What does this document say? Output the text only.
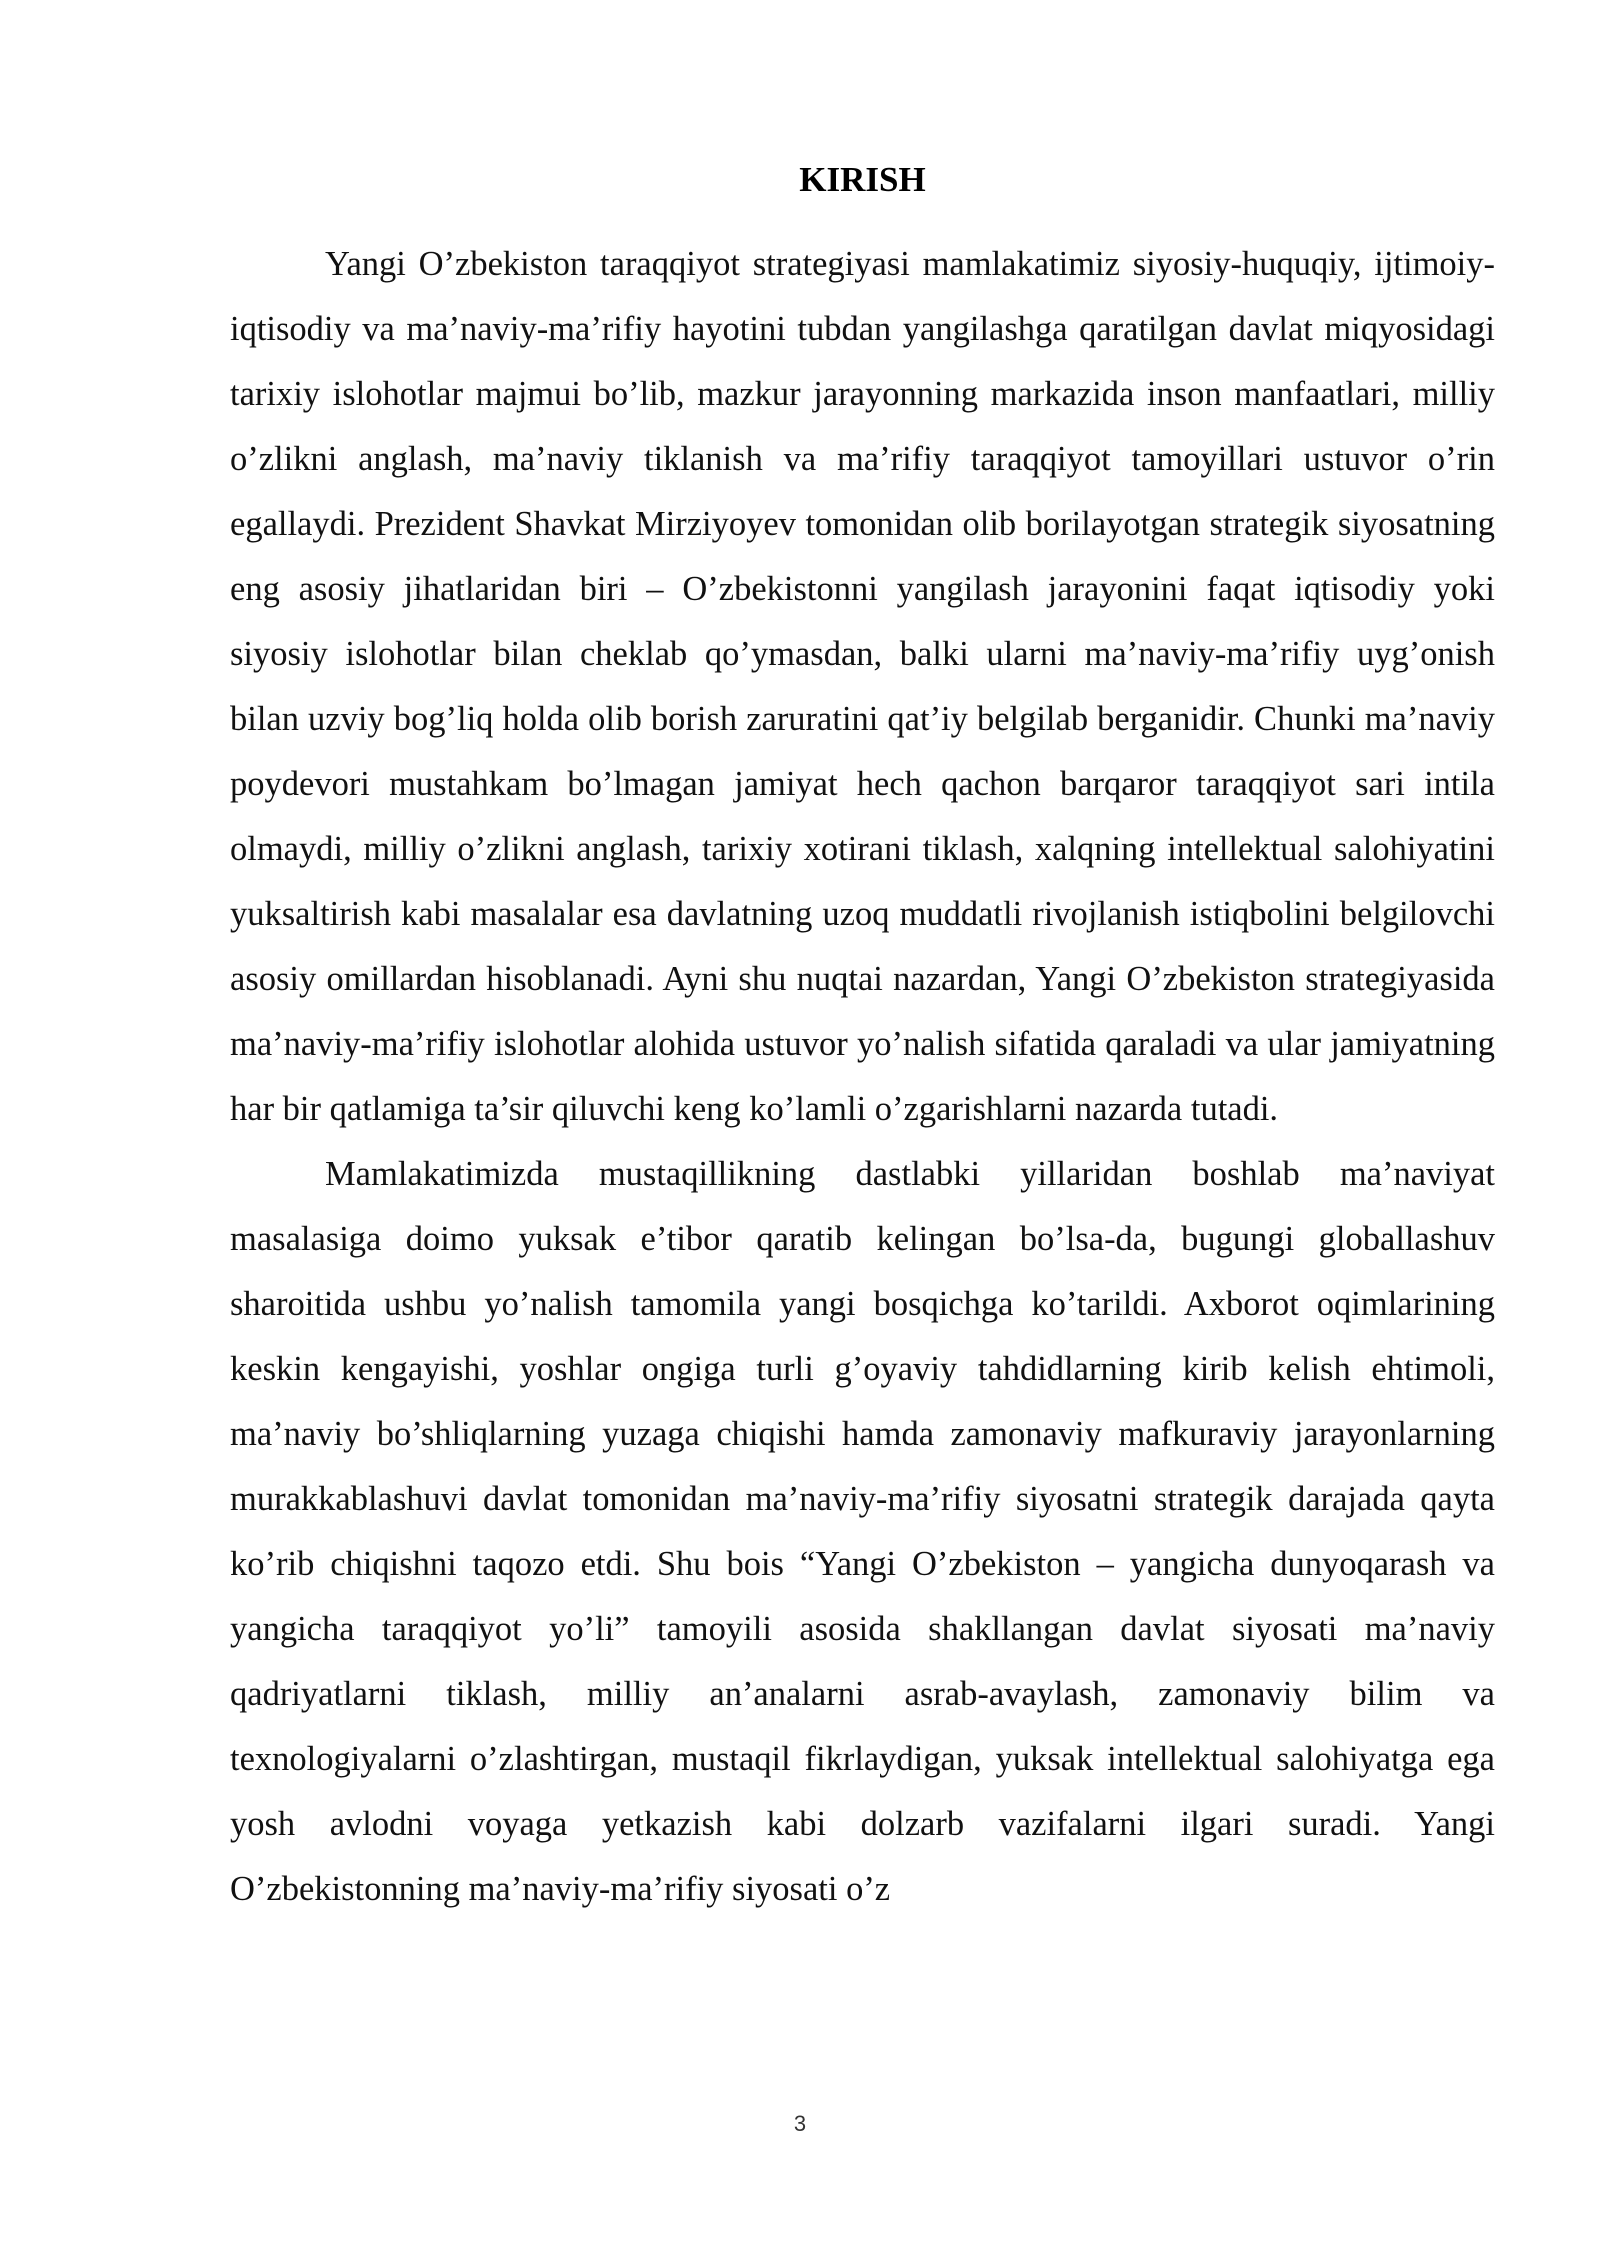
KIRISH

Yangi O’zbekiston taraqqiyot strategiyasi mamlakatimiz siyosiy-huquqiy, ijtimoiy-iqtisodiy va ma’naviy-ma’rifiy hayotini tubdan yangilashga qaratilgan davlat miqyosidagi tarixiy islohotlar majmui bo’lib, mazkur jarayonning markazida inson manfaatlari, milliy o’zlikni anglash, ma’naviy tiklanish va ma’rifiy taraqqiyot tamoyillari ustuvor o’rin egallaydi. Prezident Shavkat Mirziyoyev tomonidan olib borilayotgan strategik siyosatning eng asosiy jihatlaridan biri – O’zbekistonni yangilash jarayonini faqat iqtisodiy yoki siyosiy islohotlar bilan cheklab qo’ymasdan, balki ularni ma’naviy-ma’rifiy uyg’onish bilan uzviy bog’liq holda olib borish zaruratini qat’iy belgilab berganidir. Chunki ma’naviy poydevori mustahkam bo’lmagan jamiyat hech qachon barqaror taraqqiyot sari intila olmaydi, milliy o’zlikni anglash, tarixiy xotirani tiklash, xalqning intellektual salohiyatini yuksaltirish kabi masalalar esa davlatning uzoq muddatli rivojlanish istiqbolini belgilovchi asosiy omillardan hisoblanadi. Ayni shu nuqtai nazardan, Yangi O’zbekiston strategiyasida ma’naviy-ma’rifiy islohotlar alohida ustuvor yo’nalish sifatida qaraladi va ular jamiyatning har bir qatlamiga ta’sir qiluvchi keng ko’lamli o’zgarishlarni nazarda tutadi.

Mamlakatimizda mustaqillikning dastlabki yillaridan boshlab ma’naviyat masalasiga doimo yuksak e’tibor qaratib kelingan bo’lsa-da, bugungi globallashuv sharoitida ushbu yo’nalish tamomila yangi bosqichga ko’tarildi. Axborot oqimlarining keskin kengayishi, yoshlar ongiga turli g’oyaviy tahdidlarning kirib kelish ehtimoli, ma’naviy bo’shliqlarning yuzaga chiqishi hamda zamonaviy mafkuraviy jarayonlarning murakkablashuvi davlat tomonidan ma’naviy-ma’rifiy siyosatni strategik darajada qayta ko’rib chiqishni taqozo etdi. Shu bois “Yangi O’zbekiston – yangicha dunyoqarash va yangicha taraqqiyot yo’li” tamoyili asosida shakllangan davlat siyosati ma’naviy qadriyatlarni tiklash, milliy an’analarni asrab-avaylash, zamonaviy bilim va texnologiyalarni o’zlashtirgan, mustaqil fikrlaydigan, yuksak intellektual salohiyatga ega yosh avlodni voyaga yetkazish kabi dolzarb vazifalarni ilgari suradi. Yangi O’zbekistonning ma’naviy-ma’rifiy siyosati o’z

3
